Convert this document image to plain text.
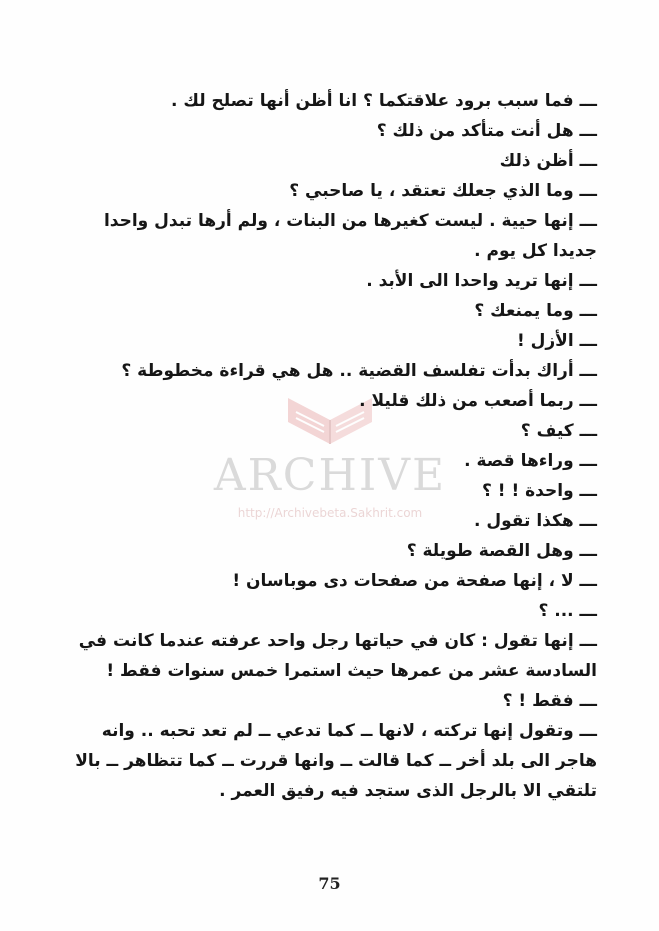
ARCHIVE
http://Archivebeta.Sakhrit.com
ـــ فما سبب برود علاقتكما ؟ انا أظن أنها تصلح لك .
ـــ هل أنت متأكد من ذلك ؟
ـــ أظن ذلك
ـــ وما الذي جعلك تعتقد ، يا صاحبي ؟
ـــ إنها حيية . ليست كغيرها من البنات ، ولم أرها تبدل واحدا جديدا كل يوم .
ـــ إنها تريد واحدا الى الأبد .
ـــ وما يمنعك ؟
ـــ الأزل !
ـــ أراك بدأت تفلسف القضية .. هل هي قراءة مخطوطة ؟
ـــ ربما أصعب من ذلك قليلا .
ـــ كيف ؟
ـــ وراءها قصة .
ـــ واحدة ! ! ؟
ـــ هكذا تقول .
ـــ وهل القصة طويلة ؟
ـــ لا ، إنها صفحة من صفحات دى موباسان !
ـــ ... ؟
ـــ إنها تقول : كان في حياتها رجل واحد عرفته عندما كانت في السادسة عشر من عمرها حيث استمرا خمس سنوات فقط !
ـــ فقط ! ؟
ـــ وتقول إنها تركته ، لانها ــ كما تدعي ــ لم تعد تحبه .. وانه هاجر الى بلد أخر ــ كما قالت ــ وانها قررت ــ كما تتظاهر ــ بالا تلتقي الا بالرجل الذى ستجد فيه رفيق العمر .
75
